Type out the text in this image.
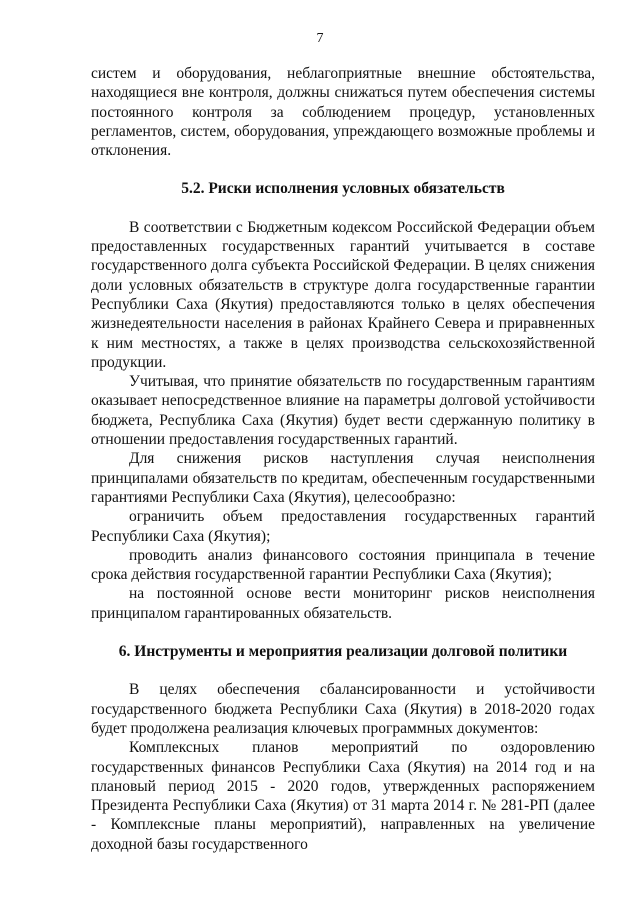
7

систем и оборудования, неблагоприятные внешние обстоятельства, находящиеся вне контроля, должны снижаться путем обеспечения системы постоянного контроля за соблюдением процедур, установленных регламентов, систем, оборудования, упреждающего возможные проблемы и отклонения.

5.2. Риски исполнения условных обязательств

В соответствии с Бюджетным кодексом Российской Федерации объем предоставленных государственных гарантий учитывается в составе государственного долга субъекта Российской Федерации. В целях снижения доли условных обязательств в структуре долга государственные гарантии Республики Саха (Якутия) предоставляются только в целях обеспечения жизнедеятельности населения в районах Крайнего Севера и приравненных к ним местностях, а также в целях производства сельскохозяйственной продукции.

Учитывая, что принятие обязательств по государственным гарантиям оказывает непосредственное влияние на параметры долговой устойчивости бюджета, Республика Саха (Якутия) будет вести сдержанную политику в отношении предоставления государственных гарантий.

Для снижения рисков наступления случая неисполнения принципалами обязательств по кредитам, обеспеченным государственными гарантиями Республики Саха (Якутия), целесообразно:

ограничить объем предоставления государственных гарантий Республики Саха (Якутия);

проводить анализ финансового состояния принципала в течение срока действия государственной гарантии Республики Саха (Якутия);

на постоянной основе вести мониторинг рисков неисполнения принципалом гарантированных обязательств.

6. Инструменты и мероприятия реализации долговой политики

В целях обеспечения сбалансированности и устойчивости государственного бюджета Республики Саха (Якутия) в 2018-2020 годах будет продолжена реализация ключевых программных документов:

Комплексных планов мероприятий по оздоровлению государственных финансов Республики Саха (Якутия) на 2014 год и на плановый период 2015 - 2020 годов, утвержденных распоряжением Президента Республики Саха (Якутия) от 31 марта 2014 г. № 281-РП (далее - Комплексные планы мероприятий), направленных на увеличение доходной базы государственного
